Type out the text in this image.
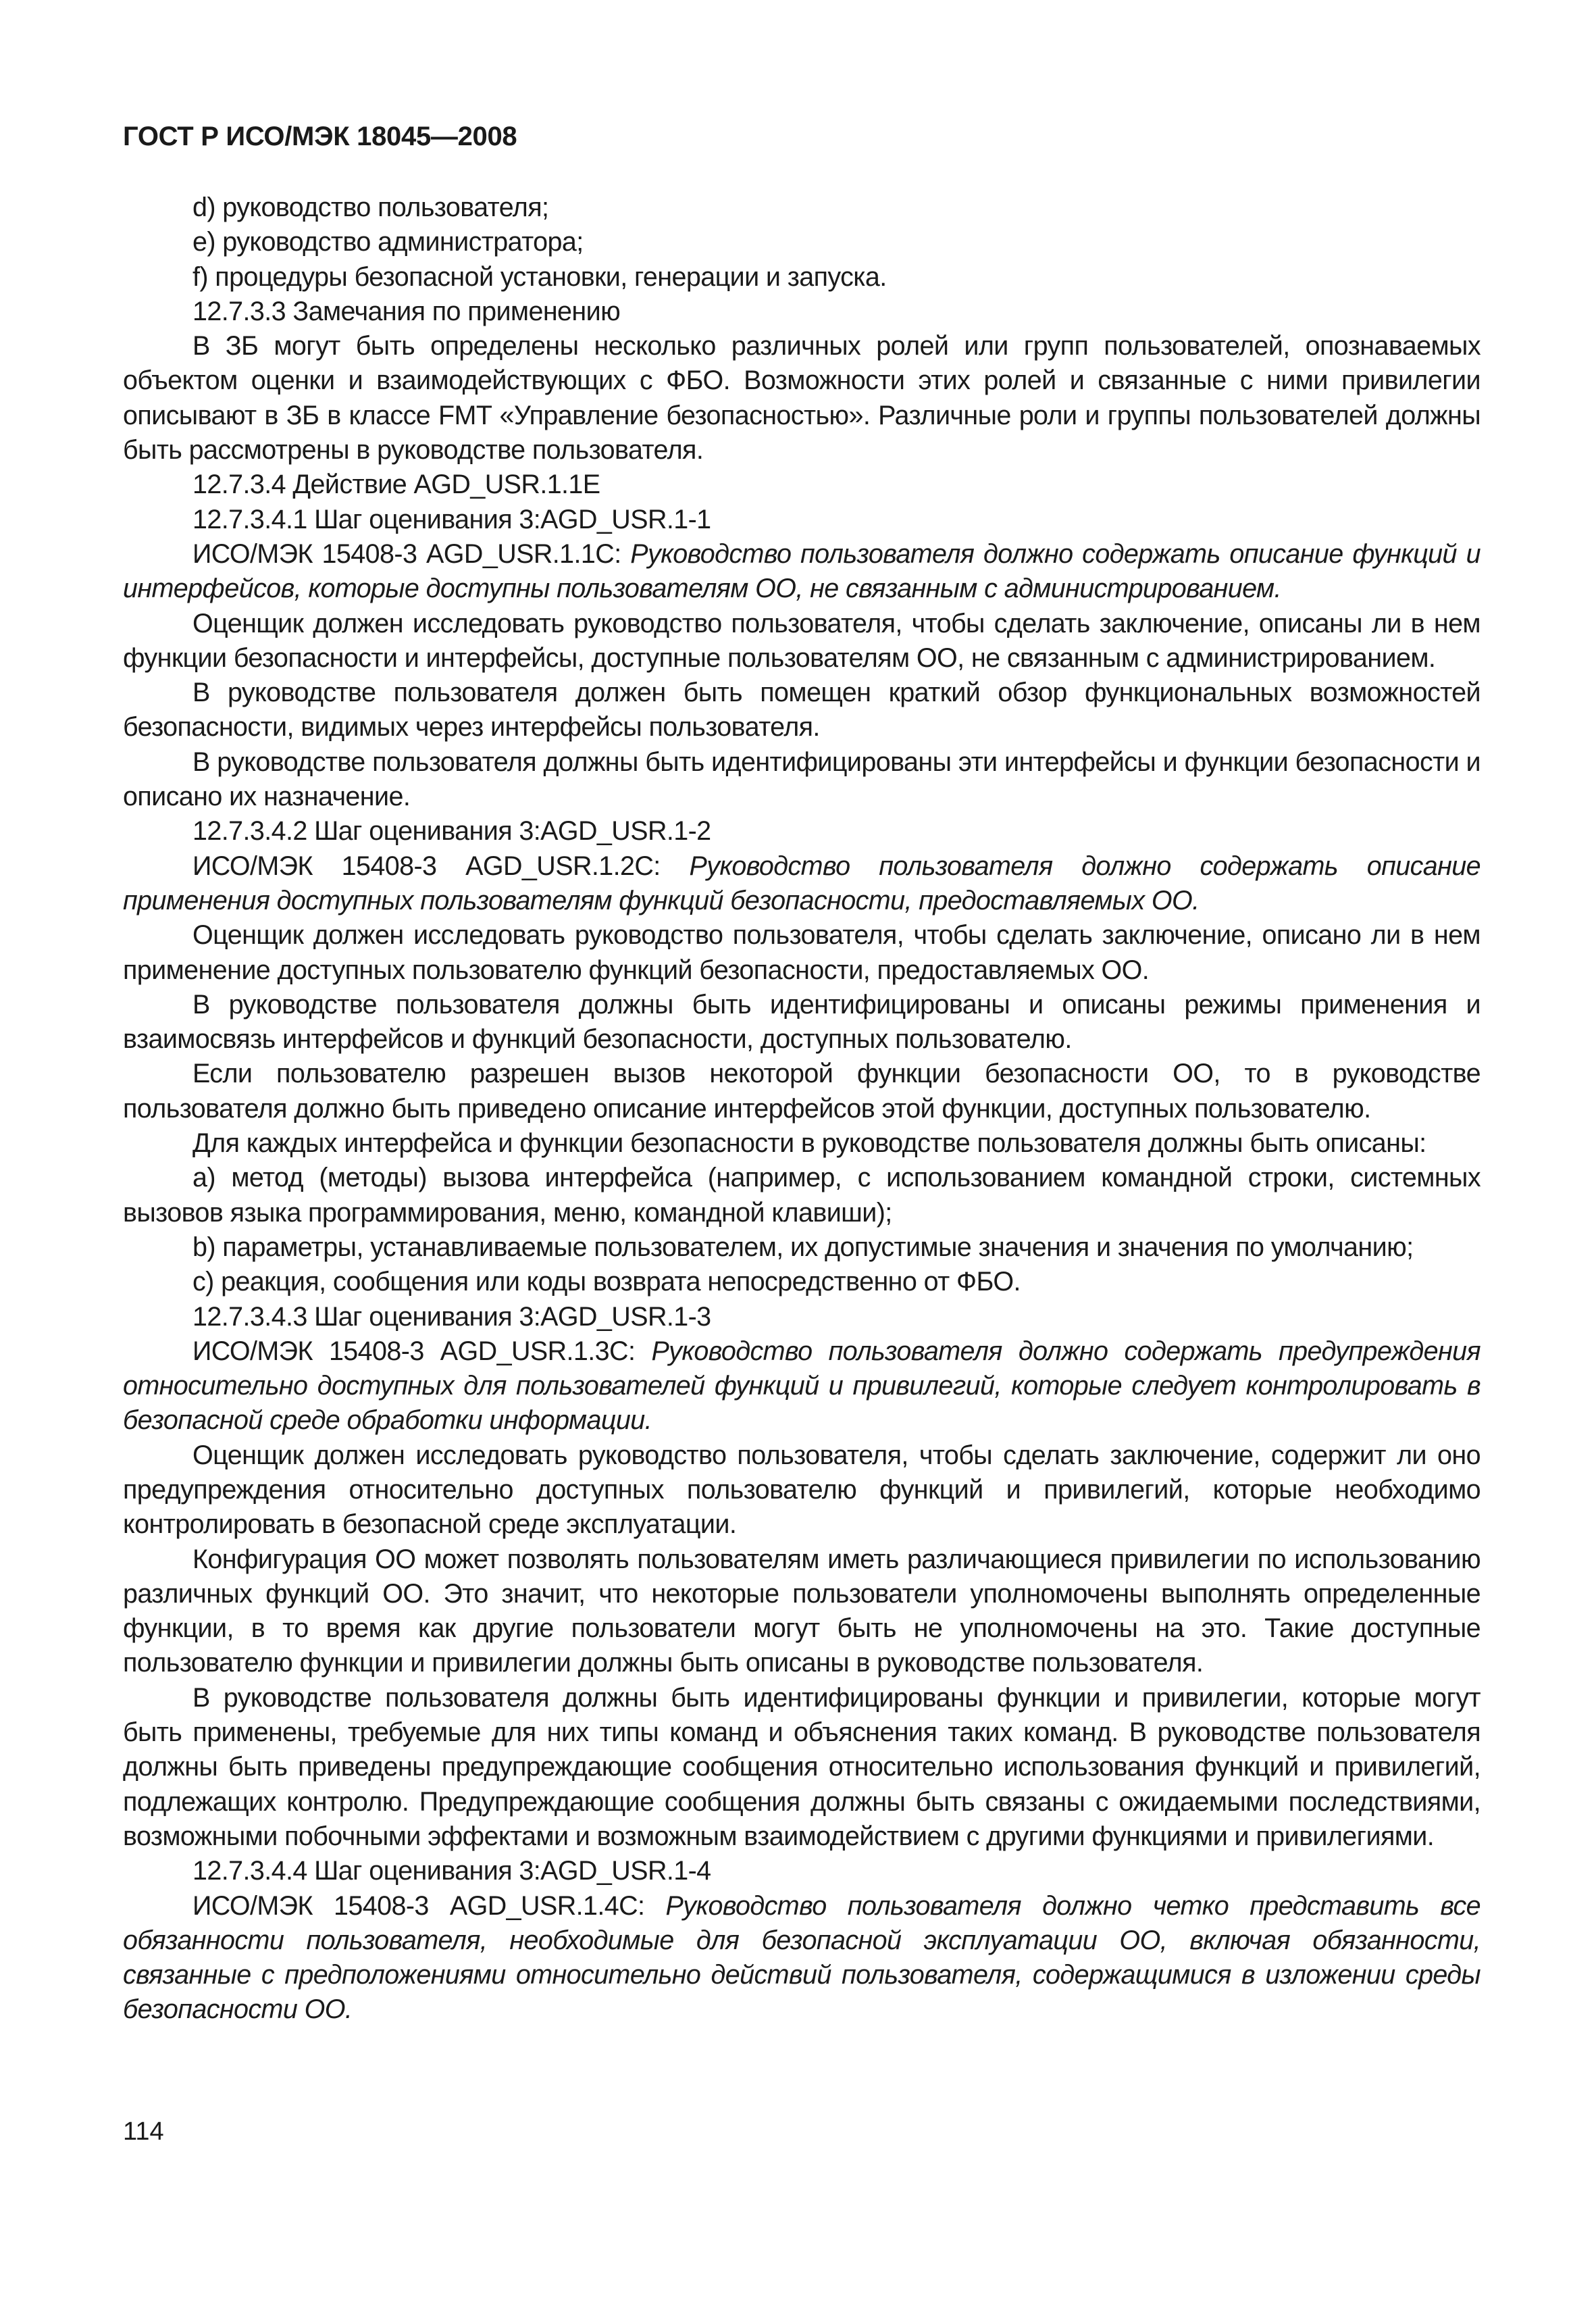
ГОСТ Р ИСО/МЭК 18045—2008

d) руководство пользователя;

e) руководство администратора;

f) процедуры безопасной установки, генерации и запуска.

12.7.3.3 Замечания по применению

В ЗБ могут быть определены несколько различных ролей или групп пользователей, опознаваемых объектом оценки и взаимодействующих с ФБО. Возможности этих ролей и связанные с ними привилегии описывают в ЗБ в классе FMT «Управление безопасностью». Различные роли и группы пользователей должны быть рассмотрены в руководстве пользователя.

12.7.3.4 Действие AGD_USR.1.1E

12.7.3.4.1 Шаг оценивания 3:AGD_USR.1-1

ИСО/МЭК 15408-3 AGD_USR.1.1C: Руководство пользователя должно содержать описание функций и интерфейсов, которые доступны пользователям ОО, не связанным с администрированием.

Оценщик должен исследовать руководство пользователя, чтобы сделать заключение, описаны ли в нем функции безопасности и интерфейсы, доступные пользователям ОО, не связанным с администрированием.

В руководстве пользователя должен быть помещен краткий обзор функциональных возможностей безопасности, видимых через интерфейсы пользователя.

В руководстве пользователя должны быть идентифицированы эти интерфейсы и функции безопасности и описано их назначение.

12.7.3.4.2 Шаг оценивания 3:AGD_USR.1-2

ИСО/МЭК 15408-3 AGD_USR.1.2C: Руководство пользователя должно содержать описание применения доступных пользователям функций безопасности, предоставляемых ОО.

Оценщик должен исследовать руководство пользователя, чтобы сделать заключение, описано ли в нем применение доступных пользователю функций безопасности, предоставляемых ОО.

В руководстве пользователя должны быть идентифицированы и описаны режимы применения и взаимосвязь интерфейсов и функций безопасности, доступных пользователю.

Если пользователю разрешен вызов некоторой функции безопасности ОО, то в руководстве пользователя должно быть приведено описание интерфейсов этой функции, доступных пользователю.

Для каждых интерфейса и функции безопасности в руководстве пользователя должны быть описаны:

a) метод (методы) вызова интерфейса (например, с использованием командной строки, системных вызовов языка программирования, меню, командной клавиши);

b) параметры, устанавливаемые пользователем, их допустимые значения и значения по умолчанию;

c) реакция, сообщения или коды возврата непосредственно от ФБО.

12.7.3.4.3 Шаг оценивания 3:AGD_USR.1-3

ИСО/МЭК 15408-3 AGD_USR.1.3C: Руководство пользователя должно содержать предупреждения относительно доступных для пользователей функций и привилегий, которые следует контролировать в безопасной среде обработки информации.

Оценщик должен исследовать руководство пользователя, чтобы сделать заключение, содержит ли оно предупреждения относительно доступных пользователю функций и привилегий, которые необходимо контролировать в безопасной среде эксплуатации.

Конфигурация ОО может позволять пользователям иметь различающиеся привилегии по использованию различных функций ОО. Это значит, что некоторые пользователи уполномочены выполнять определенные функции, в то время как другие пользователи могут быть не уполномочены на это. Такие доступные пользователю функции и привилегии должны быть описаны в руководстве пользователя.

В руководстве пользователя должны быть идентифицированы функции и привилегии, которые могут быть применены, требуемые для них типы команд и объяснения таких команд. В руководстве пользователя должны быть приведены предупреждающие сообщения относительно использования функций и привилегий, подлежащих контролю. Предупреждающие сообщения должны быть связаны с ожидаемыми последствиями, возможными побочными эффектами и возможным взаимодействием с другими функциями и привилегиями.

12.7.3.4.4 Шаг оценивания 3:AGD_USR.1-4

ИСО/МЭК 15408-3 AGD_USR.1.4C: Руководство пользователя должно четко представить все обязанности пользователя, необходимые для безопасной эксплуатации ОО, включая обязанности, связанные с предположениями относительно действий пользователя, содержащимися в изложении среды безопасности ОО.

114
